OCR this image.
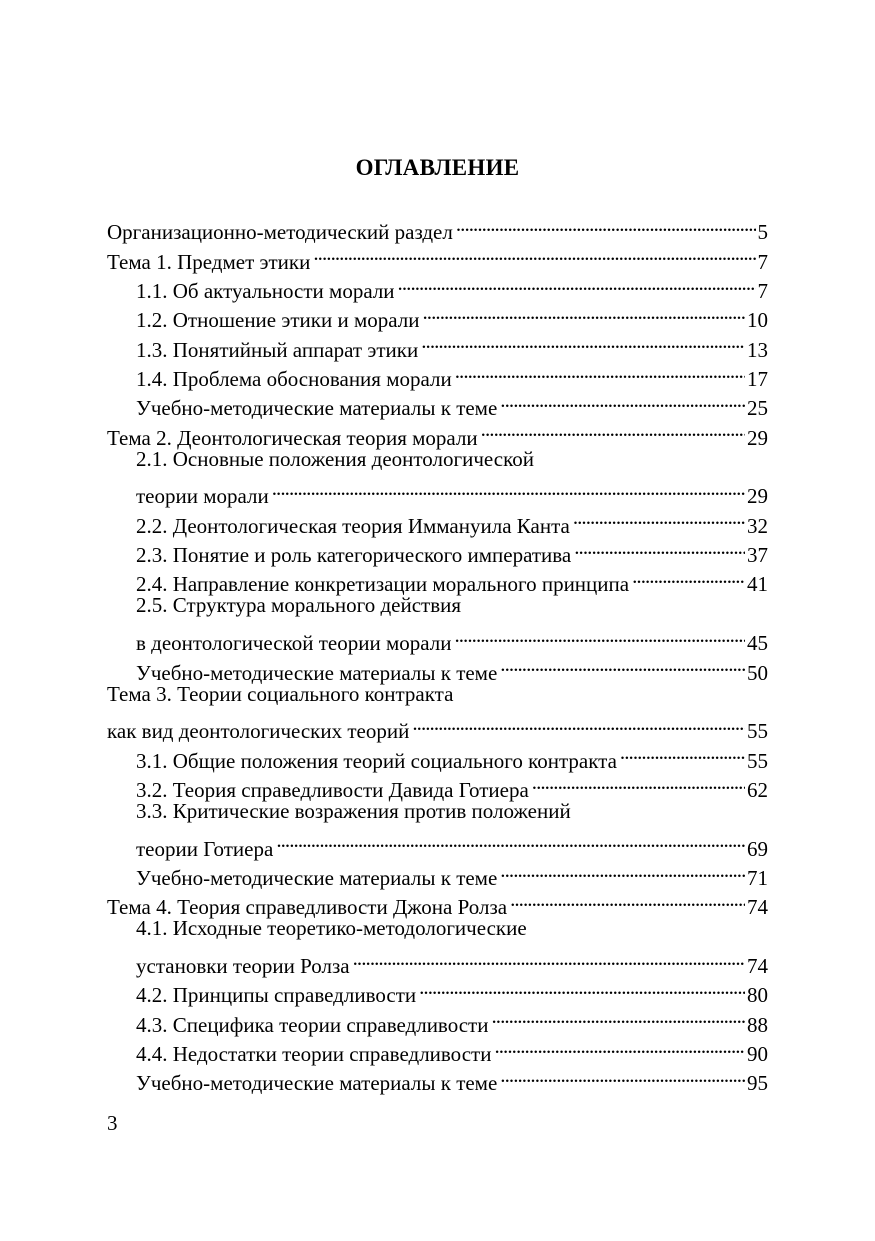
ОГЛАВЛЕНИЕ
Организационно-методический раздел . . .	5
Тема 1. Предмет этики . . .	7
1.1. Об актуальности морали . . .	7
1.2. Отношение этики и морали . . .	10
1.3. Понятийный аппарат этики . . .	13
1.4. Проблема обоснования морали . . .	17
Учебно-методические материалы к теме . . .	25
Тема 2. Деонтологическая теория морали . . .	29
2.1. Основные положения деонтологической
теории морали . . .	29
2.2. Деонтологическая теория Иммануила Канта . . .	32
2.3. Понятие и роль категорического императива . . .	37
2.4. Направление конкретизации морального принципа . . .	41
2.5. Структура морального действия
в деонтологической теории морали . . .	45
Учебно-методические материалы к теме . . .	50
Тема 3. Теории социального контракта
как вид деонтологических теорий . . .	55
3.1. Общие положения теорий социального контракта . . .	55
3.2. Теория справедливости Давида Готиера . . .	62
3.3. Критические возражения против положений
теории Готиера . . .	69
Учебно-методические материалы к теме . . .	71
Тема 4. Теория справедливости Джона Ролза . . .	74
4.1. Исходные теоретико-методологические
установки теории Ролза . . .	74
4.2. Принципы справедливости . . .	80
4.3. Специфика теории справедливости . . .	88
4.4. Недостатки теории справедливости . . .	90
Учебно-методические материалы к теме . . .	95
3
